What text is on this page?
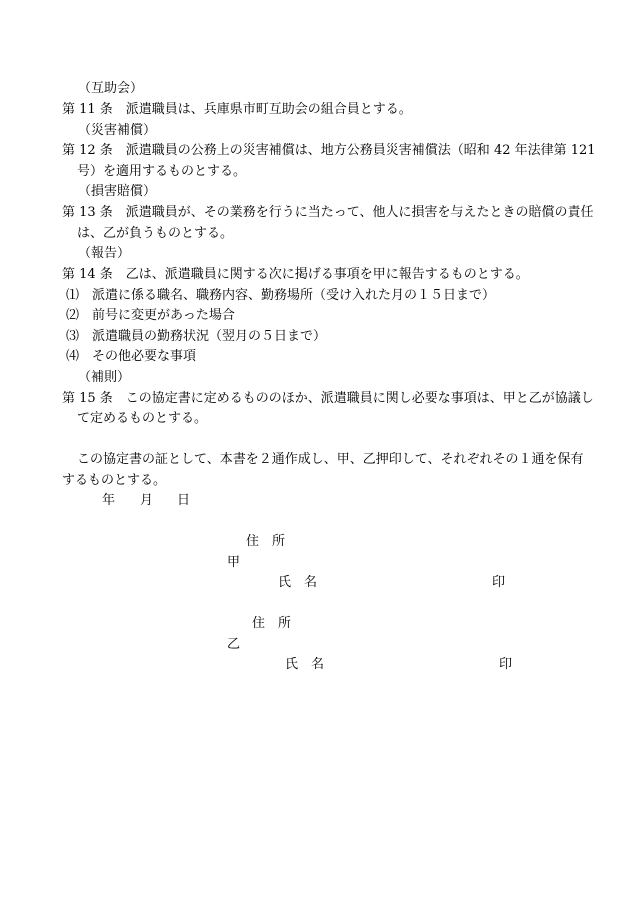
（互助会）
第 11 条　派遣職員は、兵庫県市町互助会の組合員とする。
（災害補償）
第 12 条　派遣職員の公務上の災害補償は、地方公務員災害補償法（昭和 42 年法律第 121
号）を適用するものとする。
（損害賠償）
第 13 条　派遣職員が、その業務を行うに当たって、他人に損害を与えたときの賠償の責任
は、乙が負うものとする。
（報告）
第 14 条　乙は、派遣職員に関する次に掲げる事項を甲に報告するものとする。
⑴　派遣に係る職名、職務内容、勤務場所（受け入れた月の１５日まで）
⑵　前号に変更があった場合
⑶　派遣職員の勤務状況（翌月の５日まで）
⑷　その他必要な事項
（補則）
第 15 条　この協定書に定めるもののほか、派遣職員に関し必要な事項は、甲と乙が協議し
て定めるものとする。
この協定書の証として、本書を２通作成し、甲、乙押印して、それぞれその１通を保有
するものとする。
年 月 日
住　所
甲
氏　名	印
住　所
乙
氏　名	印
